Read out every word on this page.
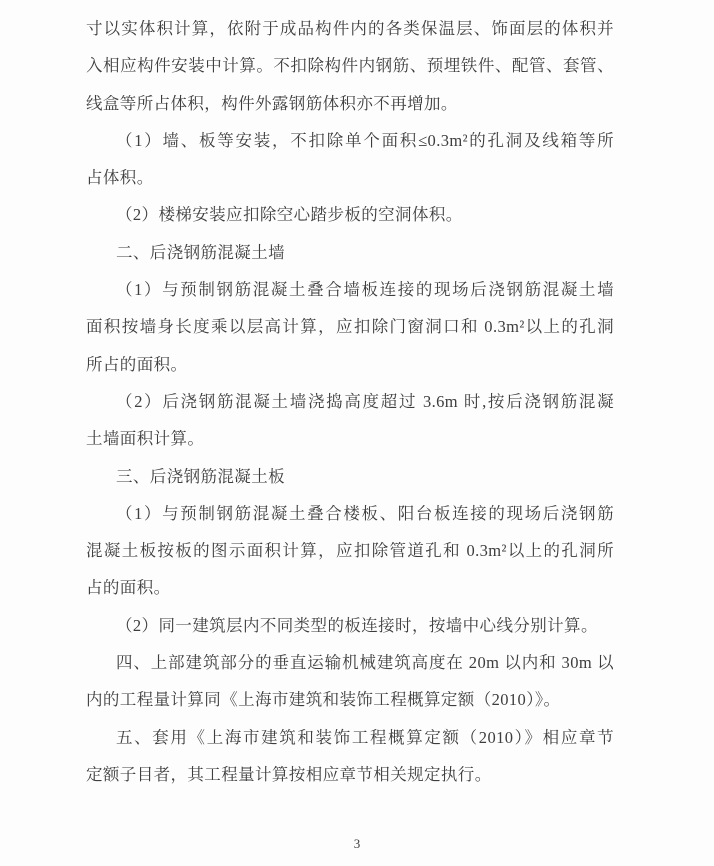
寸以实体积计算，依附于成品构件内的各类保温层、饰面层的体积并
入相应构件安装中计算。不扣除构件内钢筋、预埋铁件、配管、套管、
线盒等所占体积，构件外露钢筋体积亦不再增加。
（1）墙、板等安装，不扣除单个面积≤0.3m²的孔洞及线箱等所
占体积。
（2）楼梯安装应扣除空心踏步板的空洞体积。
二、后浇钢筋混凝土墙
（1）与预制钢筋混凝土叠合墙板连接的现场后浇钢筋混凝土墙
面积按墙身长度乘以层高计算，应扣除门窗洞口和 0.3m²以上的孔洞
所占的面积。
（2）后浇钢筋混凝土墙浇捣高度超过 3.6m 时,按后浇钢筋混凝
土墙面积计算。
三、后浇钢筋混凝土板
（1）与预制钢筋混凝土叠合楼板、阳台板连接的现场后浇钢筋
混凝土板按板的图示面积计算，应扣除管道孔和 0.3m²以上的孔洞所
占的面积。
（2）同一建筑层内不同类型的板连接时，按墙中心线分别计算。
四、上部建筑部分的垂直运输机械建筑高度在 20m 以内和 30m 以
内的工程量计算同《上海市建筑和装饰工程概算定额（2010）》。
五、套用《上海市建筑和装饰工程概算定额（2010）》相应章节
定额子目者，其工程量计算按相应章节相关规定执行。
3
